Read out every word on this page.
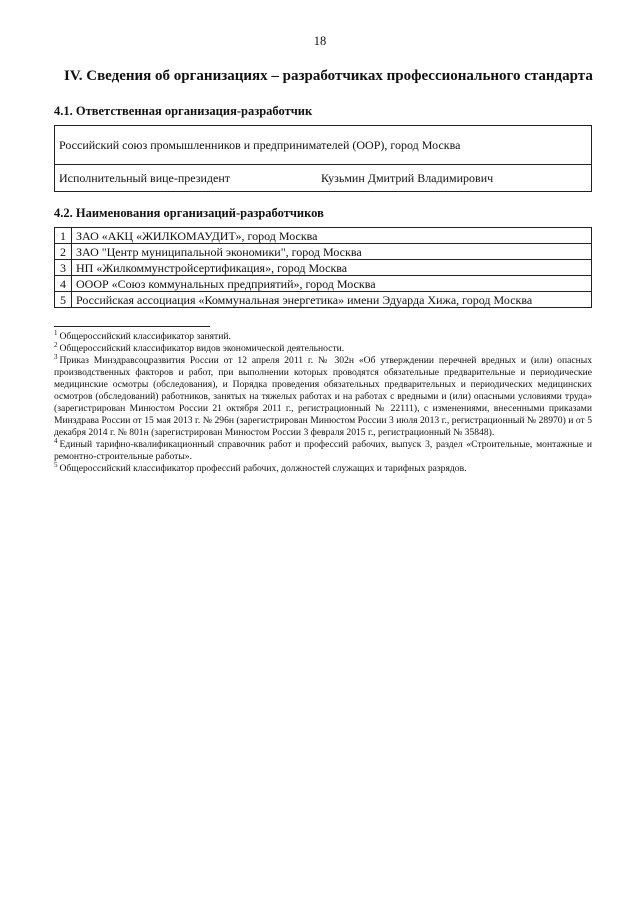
18
IV. Сведения об организациях – разработчиках профессионального стандарта
4.1. Ответственная организация-разработчик
Российский союз промышленников и предпринимателей (ООР), город Москва

Исполнительный вице-президент	Кузьмин Дмитрий Владимирович
4.2. Наименования организаций-разработчиков
1	ЗАО «АКЦ «ЖИЛКОМАУДИТ», город Москва
2	ЗАО "Центр муниципальной экономики", город Москва
3	НП «Жилкоммунстройсертификация», город Москва
4	ОООР «Союз коммунальных предприятий», город Москва
5	Российская ассоциация «Коммунальная энергетика» имени Эдуарда Хижа, город Москва

$^1$ Общероссийский классификатор занятий.

$^2$ Общероссийский классификатор видов экономической деятельности.

$^3$ Приказ Минздравсоцразвития России от 12 апреля 2011 г. № 302н «Об утверждении перечней вредных и (или) опасных производственных факторов и работ, при выполнении которых проводятся обязательные предварительные и периодические медицинские осмотры (обследования), и Порядка проведения обязательных предварительных и периодических медицинских осмотров (обследований) работников, занятых на тяжелых работах и на работах с вредными и (или) опасными условиями труда» (зарегистрирован Минюстом России 21 октября 2011 г., регистрационный № 22111), с изменениями, внесенными приказами Минздрава России от 15 мая 2013 г. № 296н (зарегистрирован Минюстом России 3 июля 2013 г., регистрационный № 28970) и от 5 декабря 2014 г. № 801н (зарегистрирован Минюстом России 3 февраля 2015 г., регистрационный № 35848).

$^4$ Единый тарифно-квалификационный справочник работ и профессий рабочих, выпуск 3, раздел «Строительные, монтажные и ремонтно-строительные работы».

$^5$ Общероссийский классификатор профессий рабочих, должностей служащих и тарифных разрядов.
